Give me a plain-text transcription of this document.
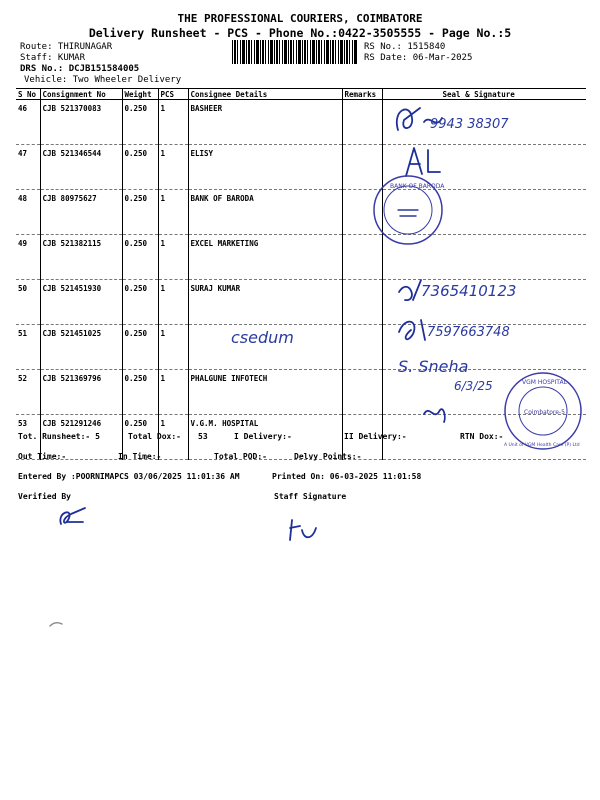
THE PROFESSIONAL COURIERS, COIMBATORE
Delivery Runsheet - PCS - Phone No.:0422-3505555 - Page No.:5
Route: THIRUNAGAR
Staff: KUMAR
DRS No.: DCJB151584005
Vehicle: Two Wheeler Delivery
RS No.: 1515840
RS Date: 06-Mar-2025
S No	Consignment No	Weight	PCS	Consignee Details	Remarks	Seal & Signature
46	CJB 521370083	0.250	1	BASHEER		
47	CJB 521346544	0.250	1	ELISY		
48	CJB 80975627	0.250	1	BANK OF BARODA		
49	CJB 521382115	0.250	1	EXCEL MARKETING		
50	CJB 521451930	0.250	1	SURAJ KUMAR		
51	CJB 521451025	0.250	1			
52	CJB 521369796	0.250	1	PHALGUNE INFOTECH		
53	CJB 521291246	0.250	1	V.G.M. HOSPITAL		
9943 38307
BANK OF BARODA
7365410123
csedum	7597663748
S. Sneha
6/3/25	VGM HOSPITAL
Coimbatore-5
A Unit of VGM Health Care (P) Ltd
Tot. Runsheet:- 5	Total Dox:- 53	I Delivery:-	II Delivery:-	RTN Dox:-
Out Time:-	In Time:-	Total POD:-	Delvy Points:-
Entered By :POORNIMAPCS 03/06/2025 11:01:36 AM	Printed On: 06-03-2025 11:01:58
Verified By	Staff Signature
